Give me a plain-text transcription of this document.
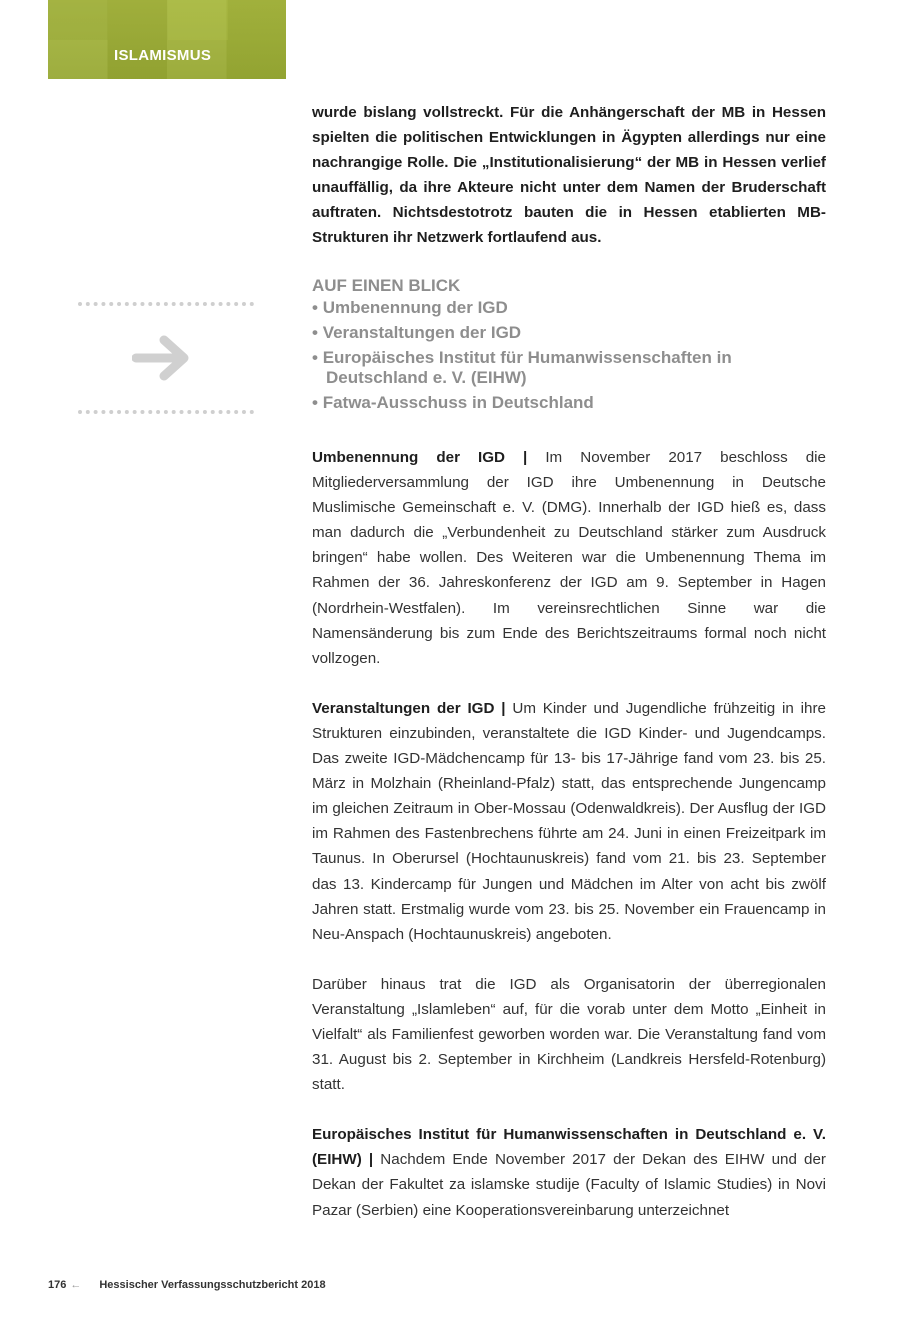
ISLAMISMUS

wurde bislang vollstreckt. Für die Anhängerschaft der MB in Hessen spielten die politischen Entwicklungen in Ägypten allerdings nur eine nachrangige Rolle. Die „Institutionalisierung“ der MB in Hessen verlief unauffällig, da ihre Akteure nicht unter dem Namen der Bruderschaft auftraten. Nichtsdestotrotz bauten die in Hessen etablierten MB-Strukturen ihr Netzwerk fortlaufend aus.

AUF EINEN BLICK
• Umbenennung der IGD
• Veranstaltungen der IGD
• Europäisches Institut für Humanwissenschaften in Deutschland e. V. (EIHW)
• Fatwa-Ausschuss in Deutschland

Umbenennung der IGD | Im November 2017 beschloss die Mitgliederversammlung der IGD ihre Umbenennung in Deutsche Muslimische Gemeinschaft e. V. (DMG). Innerhalb der IGD hieß es, dass man dadurch die „Verbundenheit zu Deutschland stärker zum Ausdruck bringen“ habe wollen. Des Weiteren war die Umbenennung Thema im Rahmen der 36. Jahreskonferenz der IGD am 9. September in Hagen (Nordrhein-Westfalen). Im vereinsrechtlichen Sinne war die Namensänderung bis zum Ende des Berichtszeitraums formal noch nicht vollzogen.

Veranstaltungen der IGD | Um Kinder und Jugendliche frühzeitig in ihre Strukturen einzubinden, veranstaltete die IGD Kinder- und Jugendcamps. Das zweite IGD-Mädchencamp für 13- bis 17-Jährige fand vom 23. bis 25. März in Molzhain (Rheinland-Pfalz) statt, das entsprechende Jungencamp im gleichen Zeitraum in Ober-Mossau (Odenwaldkreis). Der Ausflug der IGD im Rahmen des Fastenbrechens führte am 24. Juni in einen Freizeitpark im Taunus. In Oberursel (Hochtaunuskreis) fand vom 21. bis 23. September das 13. Kindercamp für Jungen und Mädchen im Alter von acht bis zwölf Jahren statt. Erstmalig wurde vom 23. bis 25. November ein Frauencamp in Neu-Anspach (Hochtaunuskreis) angeboten.

Darüber hinaus trat die IGD als Organisatorin der überregionalen Veranstaltung „Islamleben“ auf, für die vorab unter dem Motto „Einheit in Vielfalt“ als Familienfest geworben worden war. Die Veranstaltung fand vom 31. August bis 2. September in Kirchheim (Landkreis Hersfeld-Rotenburg) statt.

Europäisches Institut für Humanwissenschaften in Deutschland e. V. (EIHW) | Nachdem Ende November 2017 der Dekan des EIHW und der Dekan der Fakultet za islamske studije (Faculty of Islamic Studies) in Novi Pazar (Serbien) eine Kooperationsvereinbarung unterzeichnet

176 ← Hessischer Verfassungsschutzbericht 2018
